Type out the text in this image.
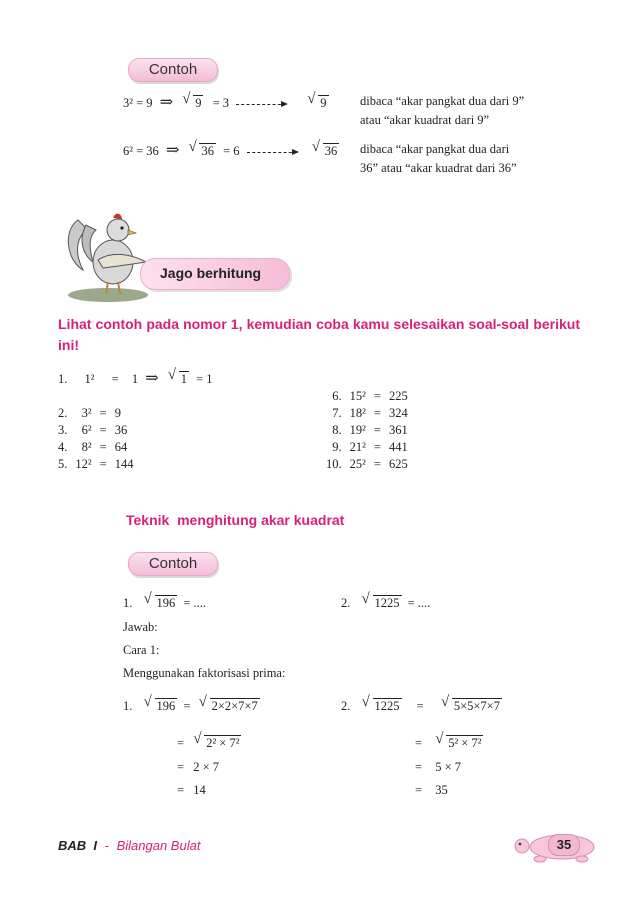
Contoh
3² = 9 ⇒ √ 9 = 3	√ 9	dibaca “akar pangkat dua dari 9”
atau “akar kuadrat dari 9”
6² = 36 ⇒ √ 36 = 6	√ 36 dibaca “akar pangkat dua dari
36” atau “akar kuadrat dari 36”
Jago berhitung
Lihat contoh pada nomor 1, kemudian coba kamu selesaikan soal-soal berikut ini!
1. 1² = 1 ⇒ √ 1 = 1
2.	3²	=	9
3.	6²	=	36
4.	8²	=	64
5.	12²	=	144
6.	15²	=	225
7.	18²	=	324
8.	19²	=	361
9.	21²	=	441
10.	25²	=	625
Teknik  menghitung akar kuadrat
Contoh
1. √ 196 = ....	2. √ 1225 = ....
Jawab:
Cara 1:
Menggunakan faktorisasi prima:
1. √ 196 = √ 2×2×7×7
= √ 2² × 7²
= 2 × 7
= 14
2. √ 1225 = √ 5×5×7×7
= √ 5² × 7²
= 5 × 7
= 35
BAB  I - Bilangan Bulat	35
